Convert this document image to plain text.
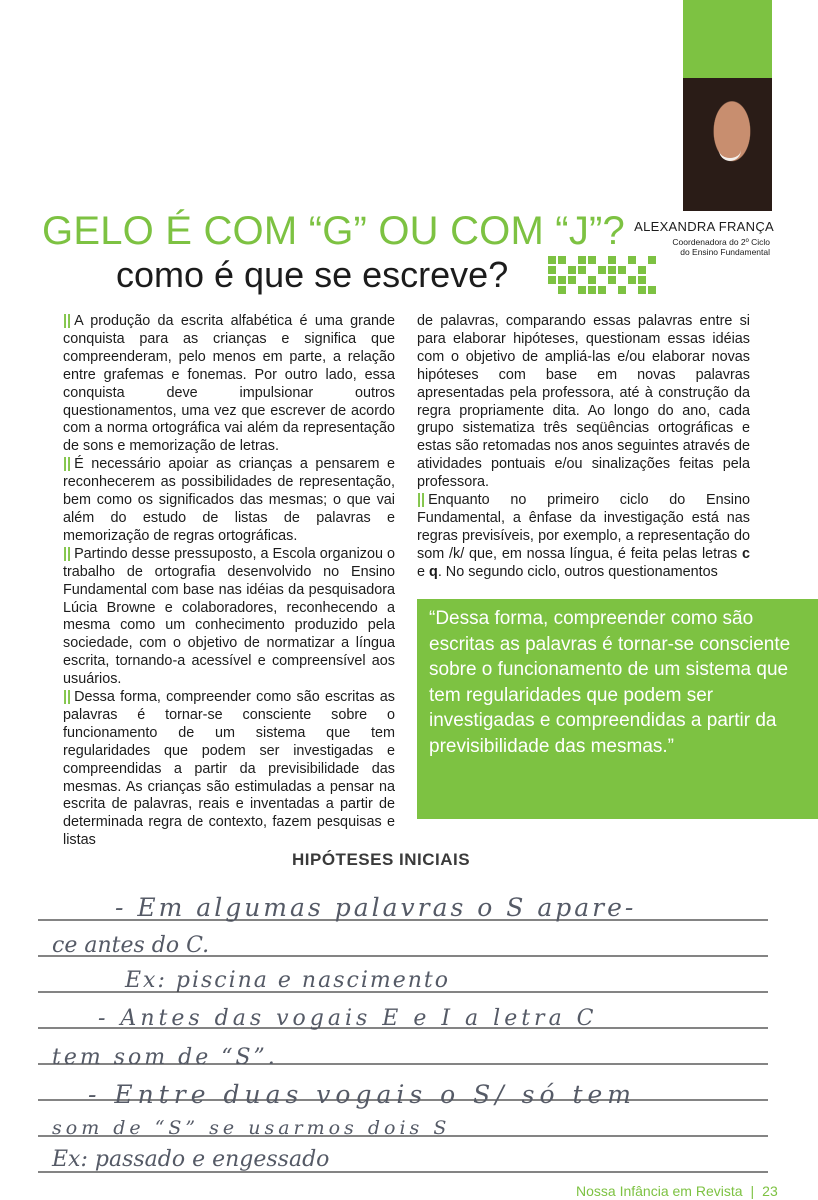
ALEXANDRA FRANÇA
Coordenadora do 2º Ciclo
do Ensino Fundamental
GELO É COM “G” OU COM “J”?
como é que se escreve?

|| A produção da escrita alfabética é uma grande conquista para as crianças e significa que compreenderam, pelo menos em parte, a relação entre grafemas e fonemas. Por outro lado, essa conquista deve impulsionar outros questionamentos, uma vez que escrever de acordo com a norma ortográfica vai além da representação de sons e memorização de letras.

|| É necessário apoiar as crianças a pensarem e reconhecerem as possibilidades de representação, bem como os significados das mesmas; o que vai além do estudo de listas de palavras e memorização de regras ortográficas.

|| Partindo desse pressuposto, a Escola organizou o trabalho de ortografia desenvolvido no Ensino Fundamental com base nas idéias da pesquisadora Lúcia Browne e colaboradores, reconhecendo a mesma como um conhecimento produzido pela sociedade, com o objetivo de normatizar a língua escrita, tornando-a acessível e compreensível aos usuários.

|| Dessa forma, compreender como são escritas as palavras é tornar-se consciente sobre o funcionamento de um sistema que tem regularidades que podem ser investigadas e compreendidas a partir da previsibilidade das mesmas. As crianças são estimuladas a pensar na escrita de palavras, reais e inventadas a partir de determinada regra de contexto, fazem pesquisas e listas

de palavras, comparando essas palavras entre si para elaborar hipóteses, questionam essas idéias com o objetivo de ampliá-las e/ou elaborar novas hipóteses com base em novas palavras apresentadas pela professora, até à construção da regra propriamente dita. Ao longo do ano, cada grupo sistematiza três seqüências ortográficas e estas são retomadas nos anos seguintes através de atividades pontuais e/ou sinalizações feitas pela professora.

|| Enquanto no primeiro ciclo do Ensino Fundamental, a ênfase da investigação está nas regras previsíveis, por exemplo, a representação do som /k/ que, em nossa língua, é feita pelas letras c e q. No segundo ciclo, outros questionamentos

“Dessa forma, compreender como são escritas as palavras é tornar-se consciente sobre o funcionamento de um sistema que tem regularidades que podem ser investigadas e compreendidas a partir da previsibilidade das mesmas.”
HIPÓTESES INICIAIS
- Em algumas palavras o S apare-
ce antes do C.
Ex: piscina e nascimento
- Antes das vogais E e I a letra C
tem som de “S”.
- Entre duas vogais o S/ só tem
som de “S” se usarmos dois S
Ex: passado e engessado
Nossa Infância em Revista | 23
